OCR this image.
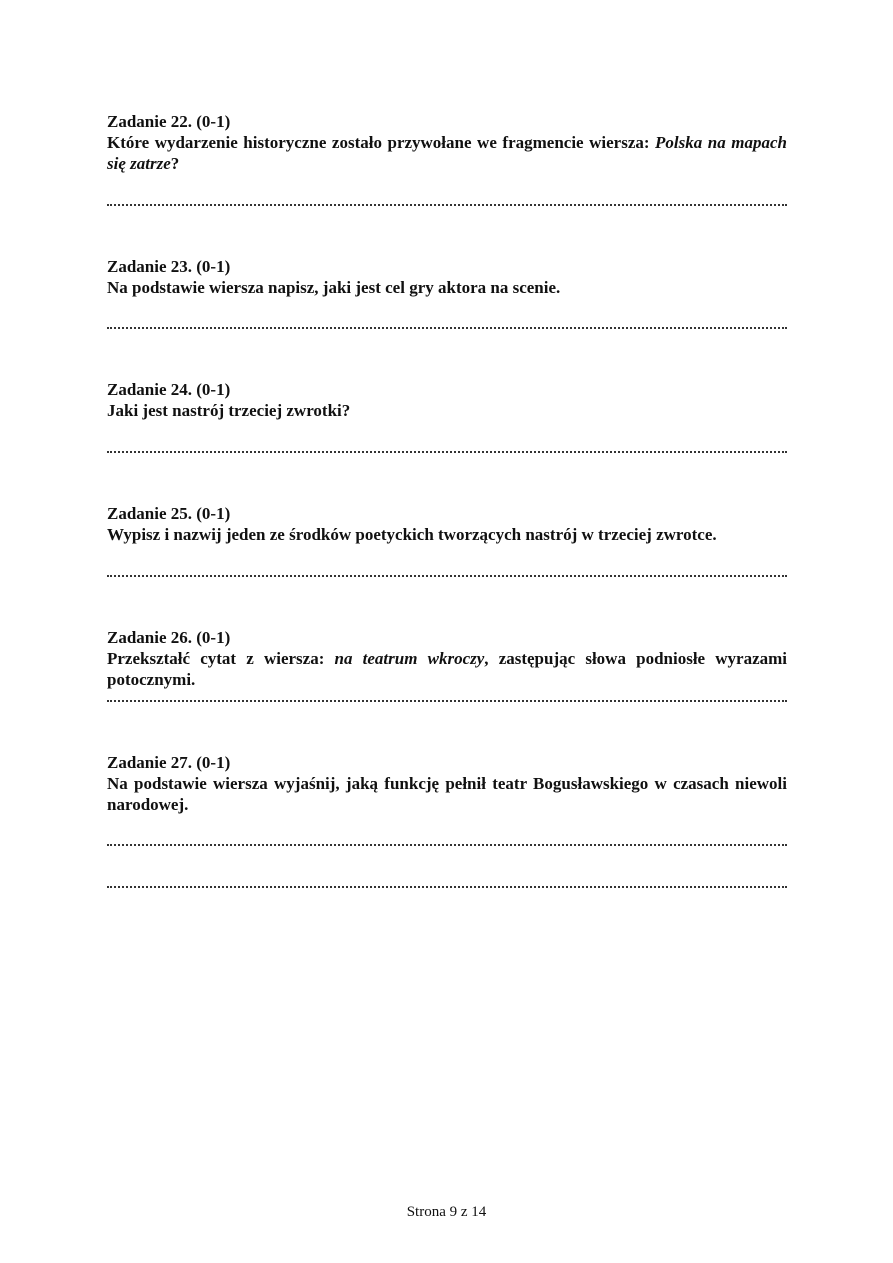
Zadanie 22. (0-1)

Które wydarzenie historyczne zostało przywołane we fragmencie wiersza: Polska na mapach się zatrze?

Zadanie 23. (0-1)

Na podstawie wiersza napisz, jaki jest cel gry aktora na scenie.

Zadanie 24. (0-1)

Jaki jest nastrój trzeciej zwrotki?

Zadanie 25. (0-1)

Wypisz i nazwij jeden ze środków poetyckich tworzących nastrój w trzeciej zwrotce.

Zadanie 26. (0-1)

Przekształć cytat z wiersza: na teatrum wkroczy, zastępując słowa podniosłe wyrazami potocznymi.

Zadanie 27. (0-1)

Na podstawie wiersza wyjaśnij, jaką funkcję pełnił teatr Bogusławskiego w czasach niewoli narodowej.

Strona 9 z 14
